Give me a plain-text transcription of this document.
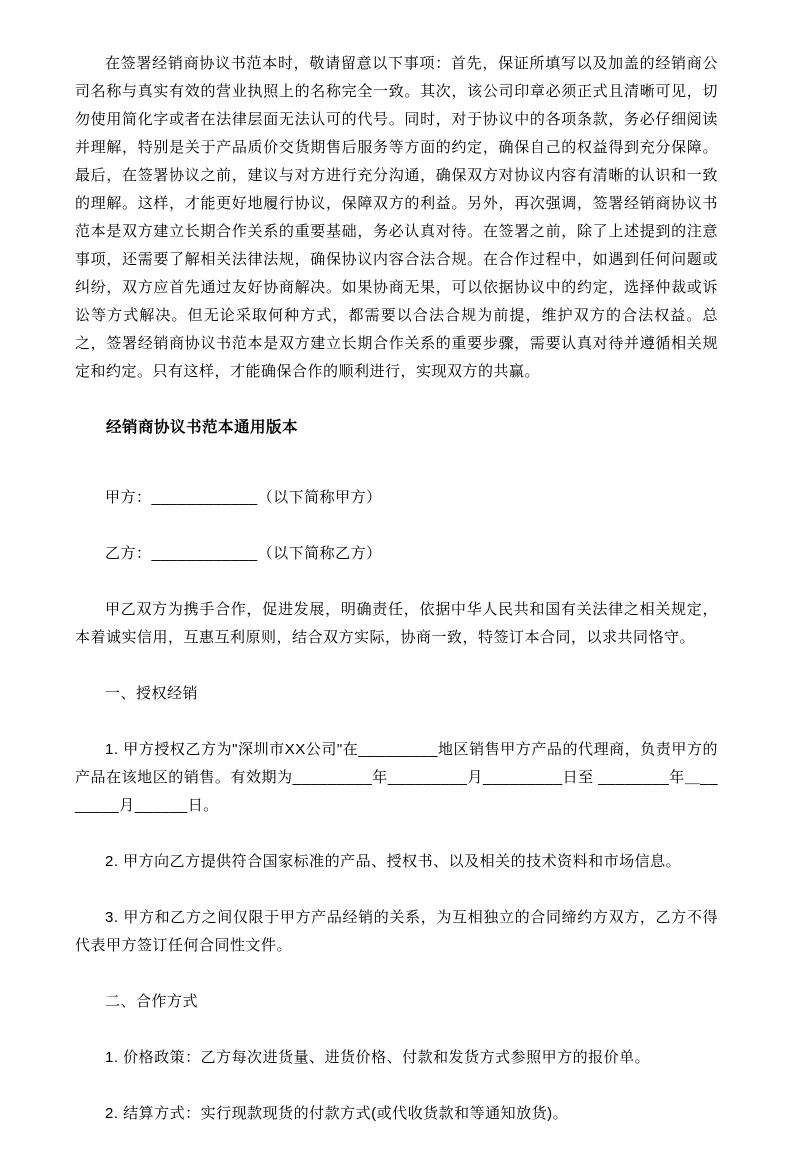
在签署经销商协议书范本时，敬请留意以下事项：首先，保证所填写以及加盖的经销商公司名称与真实有效的营业执照上的名称完全一致。其次，该公司印章必须正式且清晰可见，切勿使用简化字或者在法律层面无法认可的代号。同时，对于协议中的各项条款，务必仔细阅读并理解，特别是关于产品质价交货期售后服务等方面的约定，确保自己的权益得到充分保障。最后，在签署协议之前，建议与对方进行充分沟通，确保双方对协议内容有清晰的认识和一致的理解。这样，才能更好地履行协议，保障双方的利益。另外，再次强调，签署经销商协议书范本是双方建立长期合作关系的重要基础，务必认真对待。在签署之前，除了上述提到的注意事项，还需要了解相关法律法规，确保协议内容合法合规。在合作过程中，如遇到任何问题或纠纷，双方应首先通过友好协商解决。如果协商无果，可以依据协议中的约定，选择仲裁或诉讼等方式解决。但无论采取何种方式，都需要以合法合规为前提，维护双方的合法权益。总之，签署经销商协议书范本是双方建立长期合作关系的重要步骤，需要认真对待并遵循相关规定和约定。只有这样，才能确保合作的顺利进行，实现双方的共赢。

经销商协议书范本通用版本

甲方：____________（以下简称甲方）

乙方：____________（以下简称乙方）

甲乙双方为携手合作，促进发展，明确责任，依据中华人民共和国有关法律之相关规定，本着诚实信用，互惠互利原则，结合双方实际，协商一致，特签订本合同，以求共同恪守。

一、授权经销

1. 甲方授权乙方为"深圳市XX公司"在_________地区销售甲方产品的代理商，负责甲方的产品在该地区的销售。有效期为_________年_________月_________日至 ________年＿_______月______日。

2. 甲方向乙方提供符合国家标准的产品、授权书、以及相关的技术资料和市场信息。

3. 甲方和乙方之间仅限于甲方产品经销的关系，为互相独立的合同缔约方双方，乙方不得代表甲方签订任何合同性文件。

二、合作方式

1. 价格政策：乙方每次进货量、进货价格、付款和发货方式参照甲方的报价单。

2. 结算方式：实行现款现货的付款方式(或代收货款和等通知放货)。
